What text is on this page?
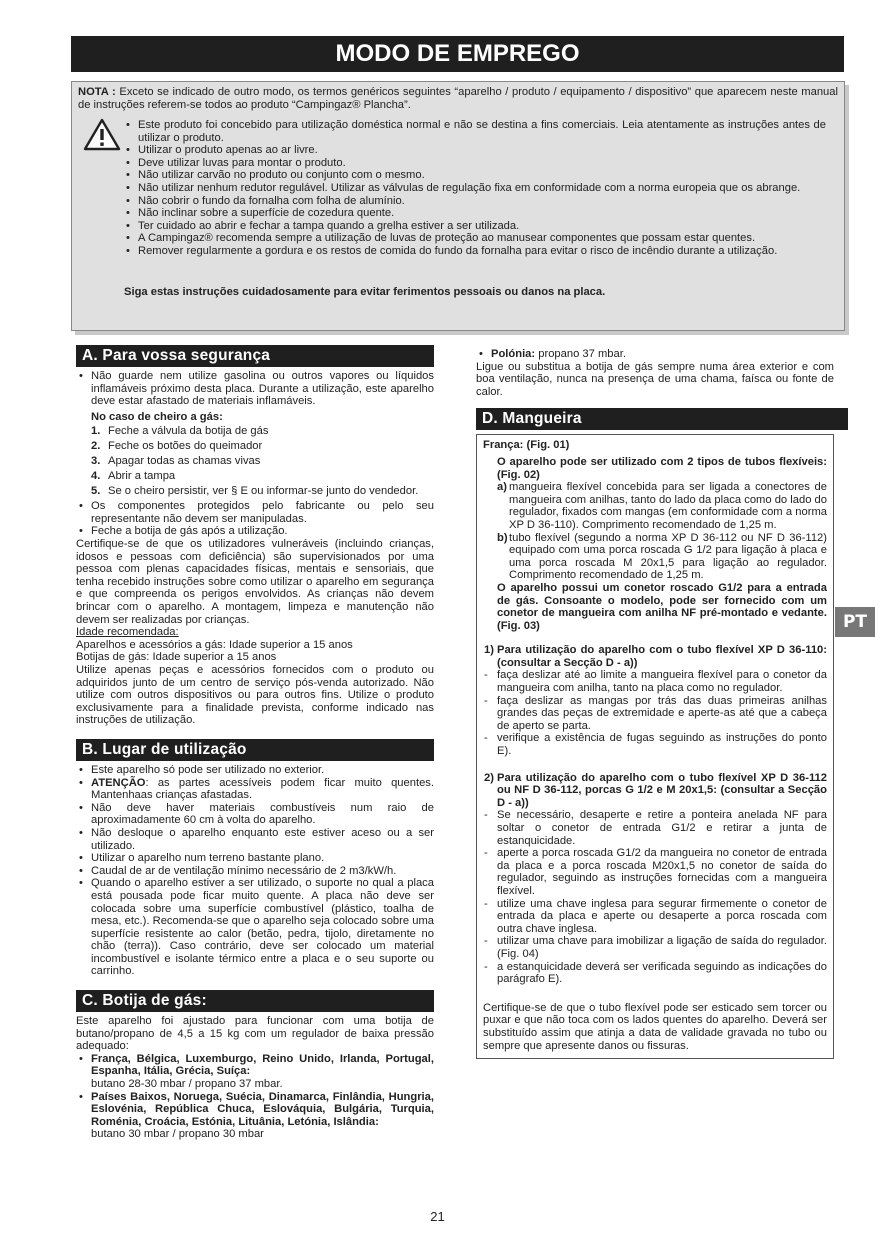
MODO DE EMPREGO

NOTA : Exceto se indicado de outro modo, os termos genéricos seguintes “aparelho / produto / equipamento / dispositivo” que aparecem neste manual de instruções referem-se todos ao produto “Campingaz® Plancha”.

• Este produto foi concebido para utilização doméstica normal e não se destina a fins comerciais. Leia atentamente as instruções antes de utilizar o produto.
• Utilizar o produto apenas ao ar livre.
• Deve utilizar luvas para montar o produto.
• Não utilizar carvão no produto ou conjunto com o mesmo.
• Não utilizar nenhum redutor regulável. Utilizar as válvulas de regulação fixa em conformidade com a norma europeia que os abrange.
• Não cobrir o fundo da fornalha com folha de alumínio.
• Não inclinar sobre a superfície de cozedura quente.
• Ter cuidado ao abrir e fechar a tampa quando a grelha estiver a ser utilizada.
• A Campingaz® recomenda sempre a utilização de luvas de proteção ao manusear componentes que possam estar quentes.
• Remover regularmente a gordura e os restos de comida do fundo da fornalha para evitar o risco de incêndio durante a utilização.
Siga estas instruções cuidadosamente para evitar ferimentos pessoais ou danos na placa.
A. Para vossa segurança
• Não guarde nem utilize gasolina ou outros vapores ou líquidos inflamáveis próximo desta placa. Durante a utilização, este aparelho deve estar afastado de materiais inflamáveis.
No caso de cheiro a gás:
1. Feche a válvula da botija de gás
2. Feche os botões do queimador
3. Apagar todas as chamas vivas
4. Abrir a tampa
5. Se o cheiro persistir, ver § E ou informar-se junto do vendedor.
• Os componentes protegidos pelo fabricante ou pelo seu representante não devem ser manipuladas.
• Feche a botija de gás após a utilização.

Certifique-se de que os utilizadores vulneráveis (incluindo crianças, idosos e pessoas com deficiência) são supervisionados por uma pessoa com plenas capacidades físicas, mentais e sensoriais, que tenha recebido instruções sobre como utilizar o aparelho em segurança e que compreenda os perigos envolvidos. As crianças não devem brincar com o aparelho. A montagem, limpeza e manutenção não devem ser realizadas por crianças.

Idade recomendada:
Aparelhos e acessórios a gás: Idade superior a 15 anos
Botijas de gás: Idade superior a 15 anos

Utilize apenas peças e acessórios fornecidos com o produto ou adquiridos junto de um centro de serviço pós-venda autorizado. Não utilize com outros dispositivos ou para outros fins. Utilize o produto exclusivamente para a finalidade prevista, conforme indicado nas instruções de utilização.

B. Lugar de utilização
• Este aparelho só pode ser utilizado no exterior.
• ATENÇÃO: as partes acessíveis podem ficar muito quentes. Mantenhaas crianças afastadas.
• Não deve haver materiais combustíveis num raio de aproximadamente 60 cm à volta do aparelho.
• Não desloque o aparelho enquanto este estiver aceso ou a ser utilizado.
• Utilizar o aparelho num terreno bastante plano.
• Caudal de ar de ventilação mínimo necessário de 2 m3/kW/h.
• Quando o aparelho estiver a ser utilizado, o suporte no qual a placa está pousada pode ficar muito quente. A placa não deve ser colocada sobre uma superfície combustível (plástico, toalha de mesa, etc.). Recomenda-se que o aparelho seja colocado sobre uma superfície resistente ao calor (betão, pedra, tijolo, diretamente no chão (terra)). Caso contrário, deve ser colocado um material incombustível e isolante térmico entre a placa e o seu suporte ou carrinho.
C. Botija de gás:

Este aparelho foi ajustado para funcionar com uma botija de butano/propano de 4,5 a 15 kg com um regulador de baixa pressão adequado:

• França, Bélgica, Luxemburgo, Reino Unido, Irlanda, Portugal, Espanha, Itália, Grécia, Suíça:
butano 28-30 mbar / propano 37 mbar.
• Países Baixos, Noruega, Suécia, Dinamarca, Finlândia, Hungria, Eslovénia, República Chuca, Eslováquia, Bulgária, Turquia, Roménia, Croácia, Estónia, Lituânia, Letónia, Islândia:
butano 30 mbar / propano 30 mbar
• Polónia: propano 37 mbar.

Ligue ou substitua a botija de gás sempre numa área exterior e com boa ventilação, nunca na presença de uma chama, faísca ou fonte de calor.

D. Mangueira
França: (Fig. 01)

O aparelho pode ser utilizado com 2 tipos de tubos flexíveis: (Fig. 02)

a) mangueira flexível concebida para ser ligada a conectores de mangueira com anilhas, tanto do lado da placa como do lado do regulador, fixados com mangas (em conformidade com a norma XP D 36-110). Comprimento recomendado de 1,25 m.
b) tubo flexível (segundo a norma XP D 36-112 ou NF D 36-112) equipado com uma porca roscada G 1/2 para ligação à placa e uma porca roscada M 20x1,5 para ligação ao regulador. Comprimento recomendado de 1,25 m.

O aparelho possui um conetor roscado G1/2 para a entrada de gás. Consoante o modelo, pode ser fornecido com um conetor de mangueira com anilha NF pré-montado e vedante. (Fig. 03)

1) Para utilização do aparelho com o tubo flexível XP D 36-110: (consultar a Secção D - a))
- faça deslizar até ao limite a mangueira flexível para o conetor da mangueira com anilha, tanto na placa como no regulador.
- faça deslizar as mangas por trás das duas primeiras anilhas grandes das peças de extremidade e aperte-as até que a cabeça de aperto se parta.
- verifique a existência de fugas seguindo as instruções do ponto E).
2) Para utilização do aparelho com o tubo flexível XP D 36-112 ou NF D 36-112, porcas G 1/2 e M 20x1,5: (consultar a Secção D - a))
- Se necessário, desaperte e retire a ponteira anelada NF para soltar o conetor de entrada G1/2 e retirar a junta de estanquicidade.
- aperte a porca roscada G1/2 da mangueira no conetor de entrada da placa e a porca roscada M20x1,5 no conetor de saída do regulador, seguindo as instruções fornecidas com a mangueira flexível.
- utilize uma chave inglesa para segurar firmemente o conetor de entrada da placa e aperte ou desaperte a porca roscada com outra chave inglesa.
- utilizar uma chave para imobilizar a ligação de saída do regulador. (Fig. 04)
- a estanquicidade deverá ser verificada seguindo as indicações do parágrafo E).

Certifique-se de que o tubo flexível pode ser esticado sem torcer ou puxar e que não toca com os lados quentes do aparelho. Deverá ser substituído assim que atinja a data de validade gravada no tubo ou sempre que apresente danos ou fissuras.

PT
21
